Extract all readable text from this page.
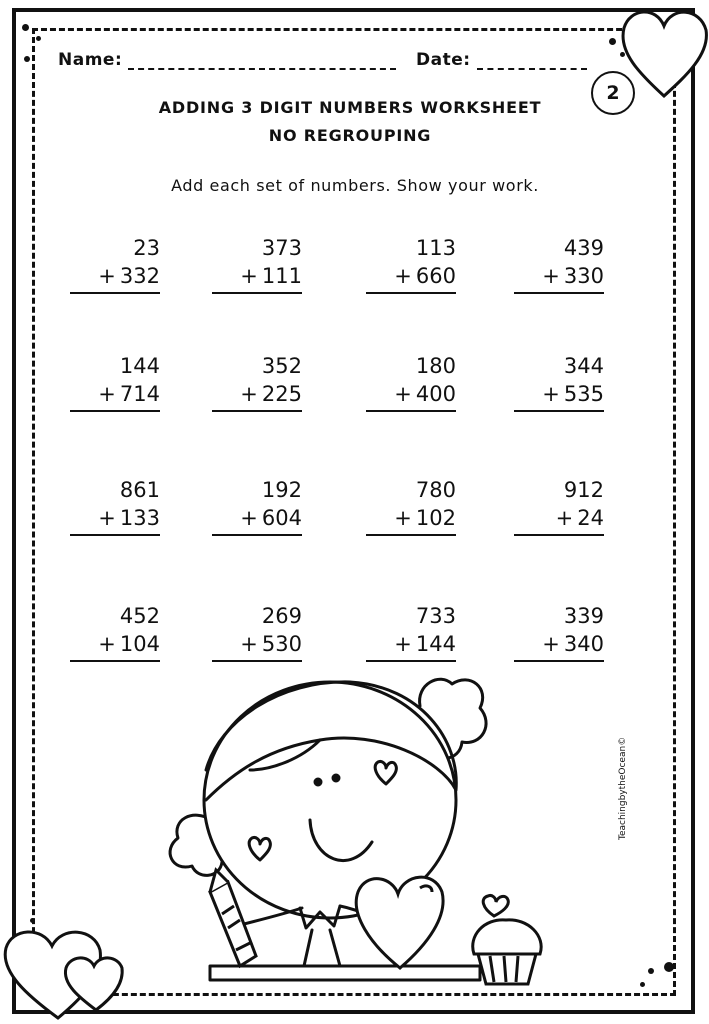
Name:	Date:
2
ADDING 3 DIGIT NUMBERS WORKSHEET
NO REGROUPING
Add each set of numbers. Show your work.
23
+ 332
373
+ 111
113
+ 660
439
+ 330
144
+ 714
352
+ 225
180
+ 400
344
+ 535
861
+ 133
192
+ 604
780
+ 102
912
+ 24
452
+ 104
269
+ 530
733
+ 144
339
+ 340
TeachingbytheOcean©
